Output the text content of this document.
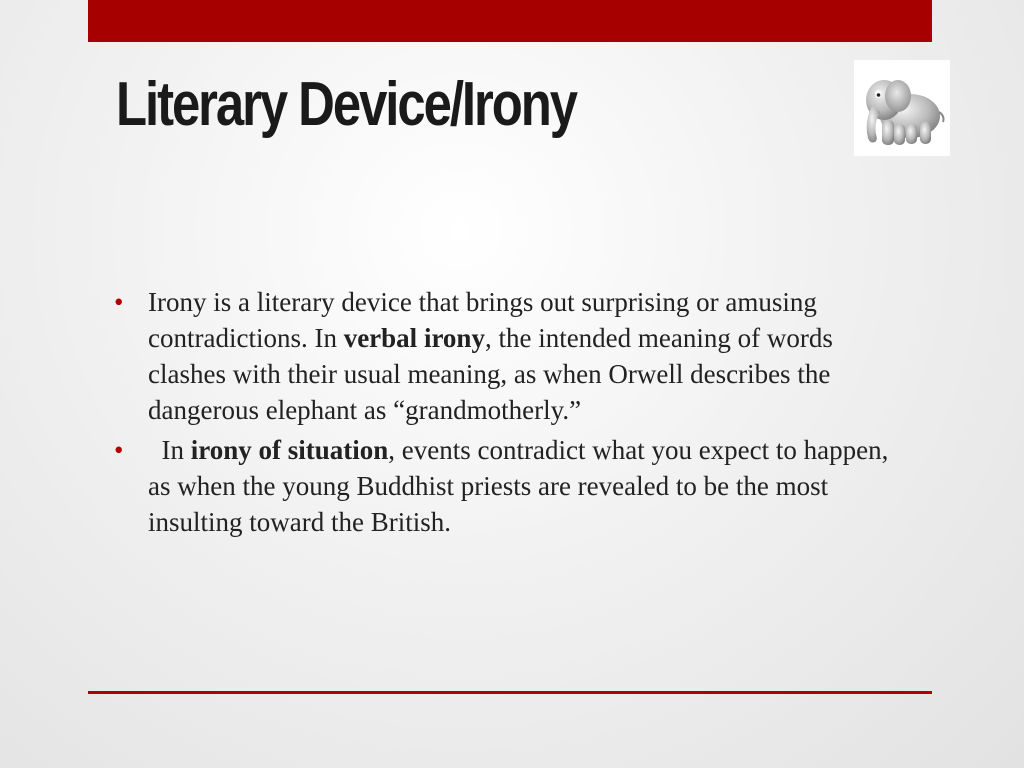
Literary Device/Irony
• Irony is a literary device that brings out surprising or amusing contradictions. In verbal irony, the intended meaning of words clashes with their usual meaning, as when Orwell describes the dangerous elephant as “grandmotherly.”
• In irony of situation, events contradict what you expect to happen, as when the young Buddhist priests are revealed to be the most insulting toward the British.
